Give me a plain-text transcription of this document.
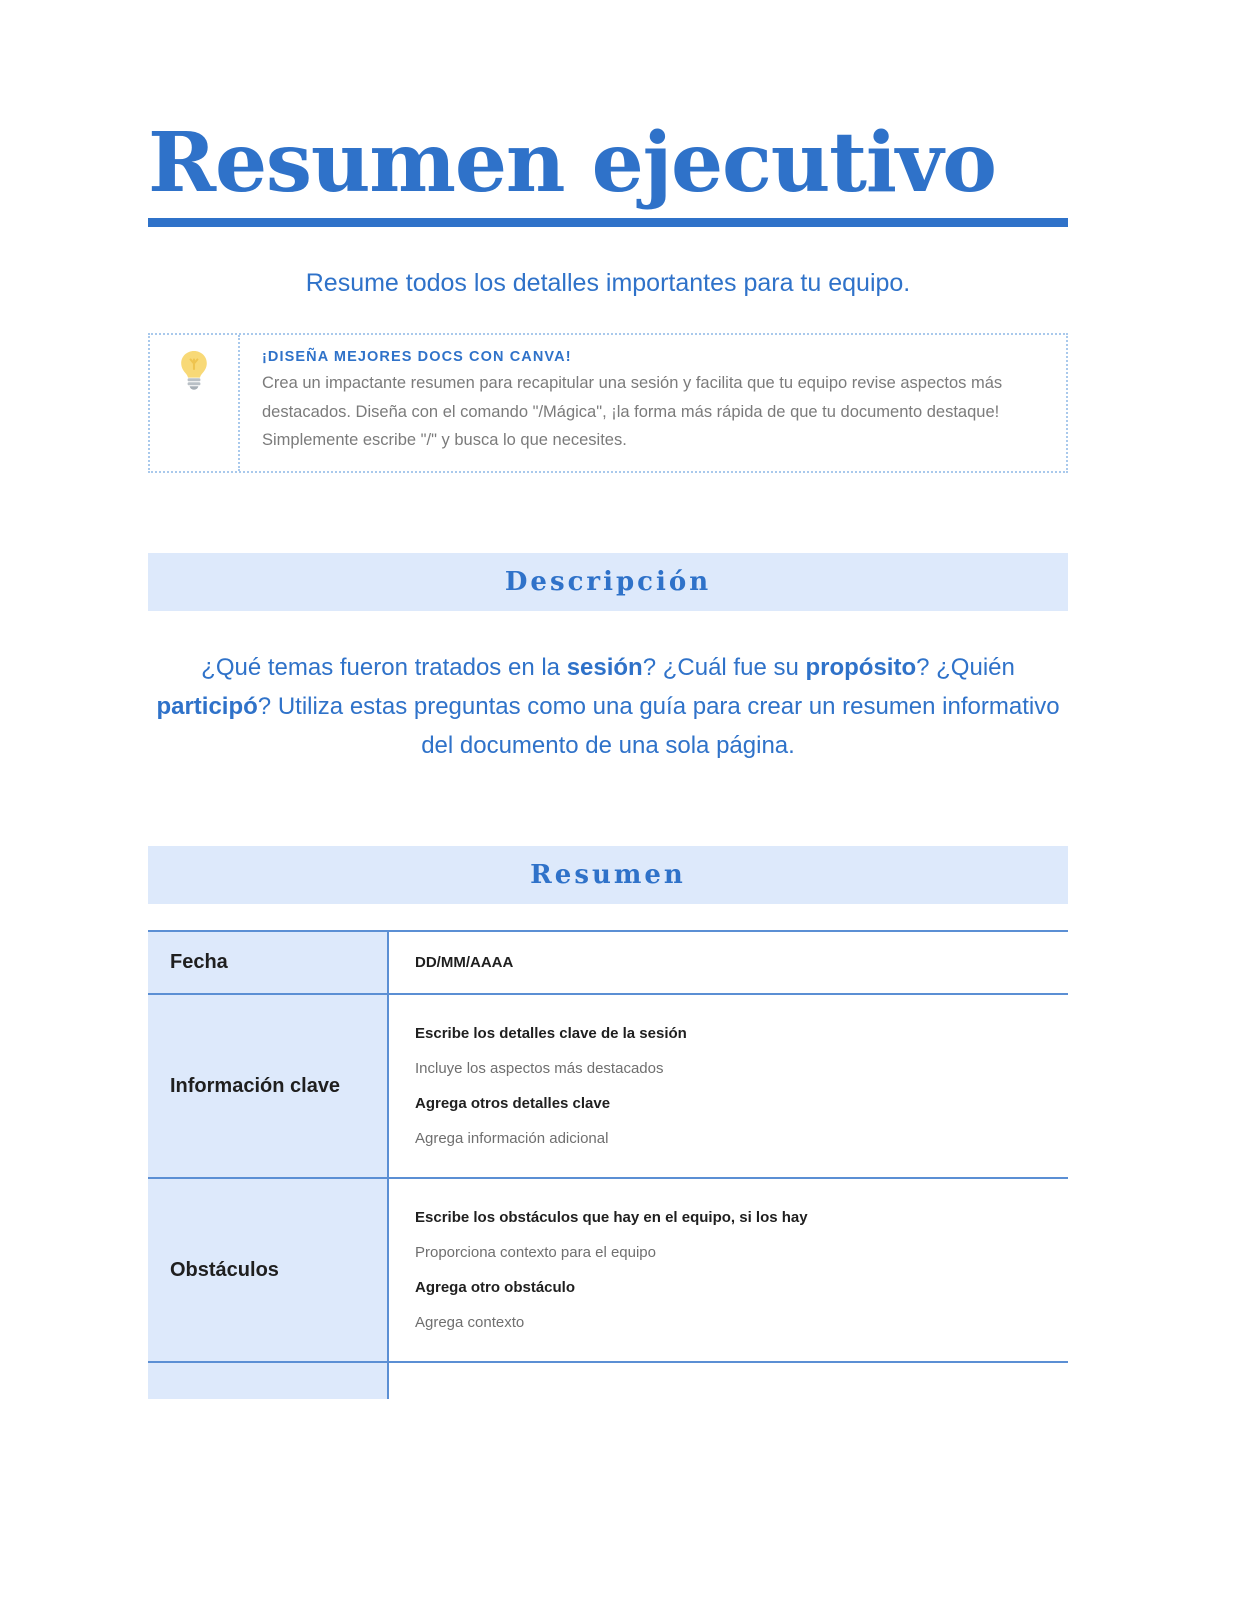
Resumen ejecutivo

Resume todos los detalles importantes para tu equipo.

¡DISEÑA MEJORES DOCS CON CANVA!

Crea un impactante resumen para recapitular una sesión y facilita que tu equipo revise aspectos más destacados. Diseña con el comando "/Mágica", ¡la forma más rápida de que tu documento destaque! Simplemente escribe "/" y busca lo que necesites.

Descripción

¿Qué temas fueron tratados en la sesión? ¿Cuál fue su propósito? ¿Quién participó? Utiliza estas preguntas como una guía para crear un resumen informativo del documento de una sola página.

Resumen
Fecha	DD/MM/AAAA

Información clave	Escribe los detalles clave de la sesión

Incluye los aspectos más destacados

Agrega otros detalles clave

Agrega información adicional

Obstáculos	Escribe los obstáculos que hay en el equipo, si los hay

Proporciona contexto para el equipo

Agrega otro obstáculo

Agrega contexto
